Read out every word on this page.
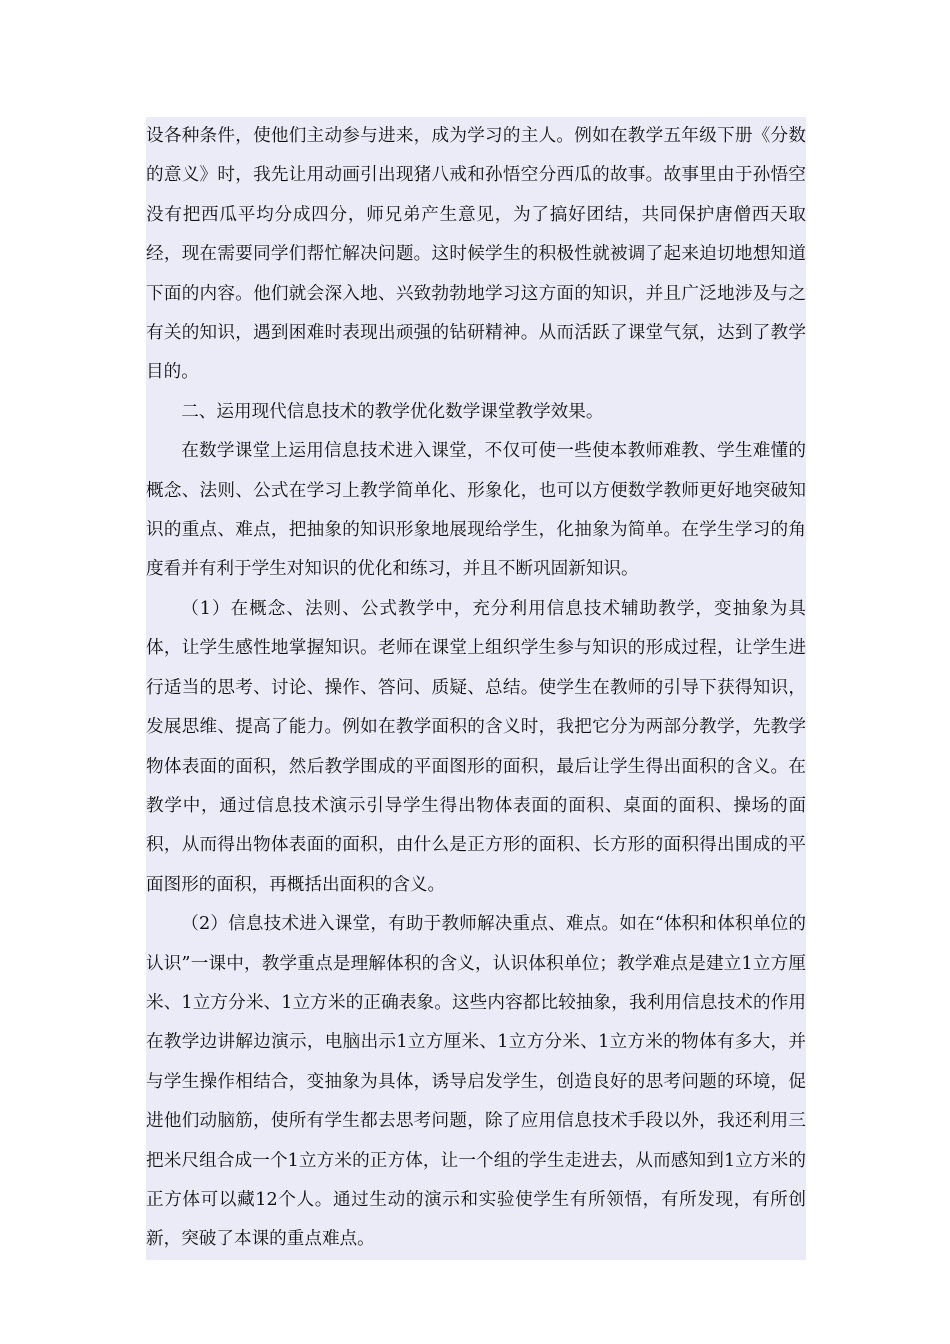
设各种条件，使他们主动参与进来，成为学习的主人。例如在教学五年级下册《分数的意义》时，我先让用动画引出现猪八戒和孙悟空分西瓜的故事。故事里由于孙悟空没有把西瓜平均分成四分，师兄弟产生意见，为了搞好团结，共同保护唐僧西天取经，现在需要同学们帮忙解决问题。这时候学生的积极性就被调了起来迫切地想知道下面的内容。他们就会深入地、兴致勃勃地学习这方面的知识，并且广泛地涉及与之有关的知识，遇到困难时表现出顽强的钻研精神。从而活跃了课堂气氛，达到了教学目的。

二、运用现代信息技术的教学优化数学课堂教学效果。

在数学课堂上运用信息技术进入课堂，不仅可使一些使本教师难教、学生难懂的概念、法则、公式在学习上教学简单化、形象化，也可以方便数学教师更好地突破知识的重点、难点，把抽象的知识形象地展现给学生，化抽象为简单。在学生学习的角度看并有利于学生对知识的优化和练习，并且不断巩固新知识。

（1）在概念、法则、公式教学中，充分利用信息技术辅助教学，变抽象为具体，让学生感性地掌握知识。老师在课堂上组织学生参与知识的形成过程，让学生进行适当的思考、讨论、操作、答问、质疑、总结。使学生在教师的引导下获得知识，发展思维、提高了能力。例如在教学面积的含义时，我把它分为两部分教学，先教学物体表面的面积，然后教学围成的平面图形的面积，最后让学生得出面积的含义。在教学中，通过信息技术演示引导学生得出物体表面的面积、桌面的面积、操场的面积，从而得出物体表面的面积，由什么是正方形的面积、长方形的面积得出围成的平面图形的面积，再概括出面积的含义。

（2）信息技术进入课堂，有助于教师解决重点、难点。如在“体积和体积单位的认识”一课中，教学重点是理解体积的含义，认识体积单位；教学难点是建立1立方厘米、1立方分米、1立方米的正确表象。这些内容都比较抽象，我利用信息技术的作用在教学边讲解边演示，电脑出示1立方厘米、1立方分米、1立方米的物体有多大，并与学生操作相结合，变抽象为具体，诱导启发学生，创造良好的思考问题的环境，促进他们动脑筋，使所有学生都去思考问题，除了应用信息技术手段以外，我还利用三把米尺组合成一个1立方米的正方体，让一个组的学生走进去，从而感知到1立方米的正方体可以藏12个人。通过生动的演示和实验使学生有所领悟，有所发现，有所创新，突破了本课的重点难点。
